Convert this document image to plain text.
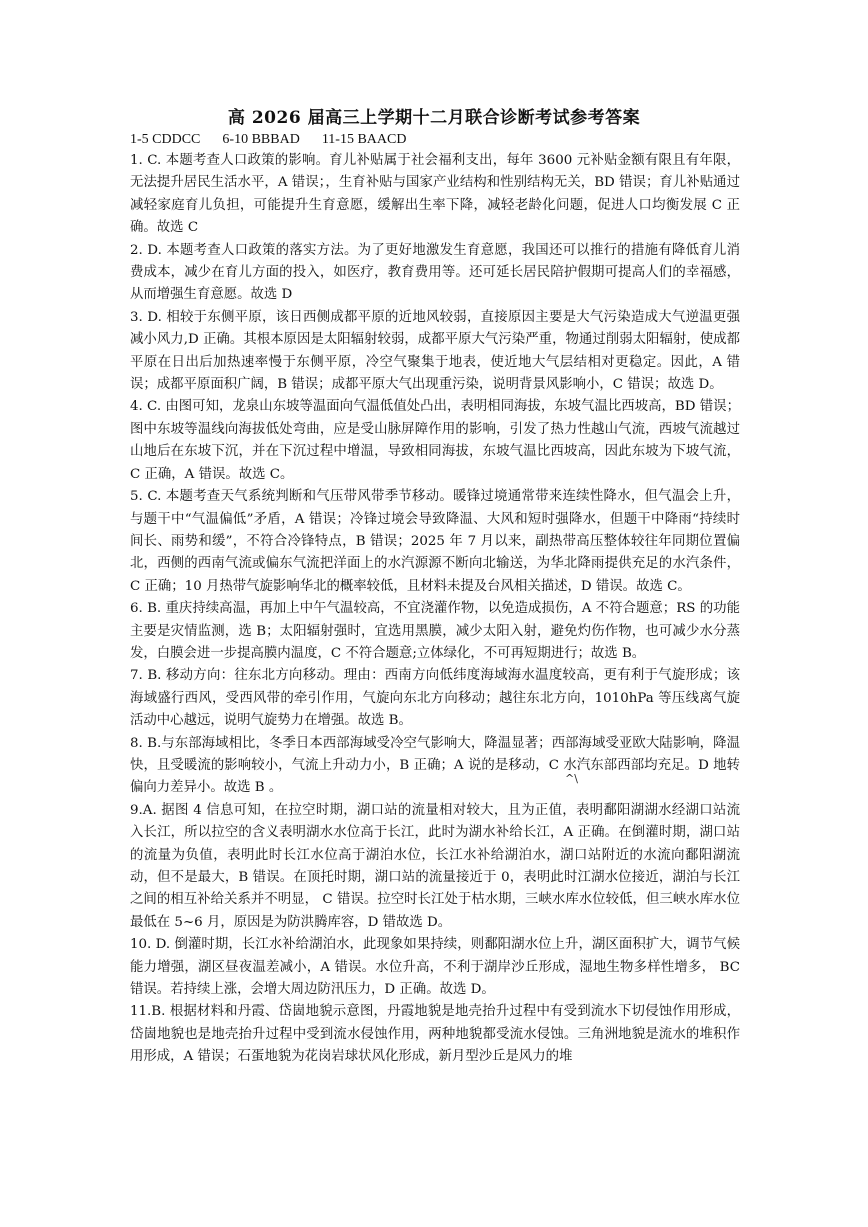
高 2026 届高三上学期十二月联合诊断考试参考答案
1-5 CDDCC 6-10 BBBAD 11-15 BAACD

1. C. 本题考查人口政策的影响。育儿补贴属于社会福利支出，每年 3600 元补贴金额有限且有年限，无法提升居民生活水平，A 错误；，生育补贴与国家产业结构和性别结构无关，BD 错误；育儿补贴通过减轻家庭育儿负担，可能提升生育意愿，缓解出生率下降，减轻老龄化问题，促进人口均衡发展 C 正确。故选 C

2. D. 本题考查人口政策的落实方法。为了更好地激发生育意愿，我国还可以推行的措施有降低育儿消费成本，减少在育儿方面的投入，如医疗，教育费用等。还可延长居民陪护假期可提高人们的幸福感，从而增强生育意愿。故选 D

3. D. 相较于东侧平原，该日西侧成都平原的近地风较弱，直接原因主要是大气污染造成大气逆温更强减小风力,D 正确。其根本原因是太阳辐射较弱，成都平原大气污染严重，物通过削弱太阳辐射，使成都平原在日出后加热速率慢于东侧平原，冷空气聚集于地表，使近地大气层结相对更稳定。因此，A 错误；成都平原面积广阔，B 错误；成都平原大气出现重污染，说明背景风影响小，C 错误；故选 D。

4. C. 由图可知，龙泉山东坡等温面向气温低值处凸出，表明相同海拔，东坡气温比西坡高，BD 错误；图中东坡等温线向海拔低处弯曲，应是受山脉屏障作用的影响，引发了热力性越山气流，西坡气流越过山地后在东坡下沉，并在下沉过程中增温，导致相同海拔，东坡气温比西坡高，因此东坡为下坡气流，C 正确，A 错误。故选 C。

5. C. 本题考查天气系统判断和气压带风带季节移动。暖锋过境通常带来连续性降水，但气温会上升，与题干中“气温偏低”矛盾，A 错误；冷锋过境会导致降温、大风和短时强降水，但题干中降雨“持续时间长、雨势和缓”，不符合冷锋特点，B 错误；2025 年 7 月以来，副热带高压整体较往年同期位置偏北，西侧的西南气流或偏东气流把洋面上的水汽源源不断向北输送，为华北降雨提供充足的水汽条件，C 正确；10 月热带气旋影响华北的概率较低，且材料未提及台风相关描述，D 错误。故选 C。

6. B. 重庆持续高温，再加上中午气温较高，不宜浇灌作物，以免造成损伤，A 不符合题意；RS 的功能主要是灾情监测，选 B；太阳辐射强时，宜选用黑膜，减少太阳入射，避免灼伤作物，也可减少水分蒸发，白膜会进一步提高膜内温度，C 不符合题意;立体绿化，不可再短期进行；故选 B。

7. B. 移动方向：往东北方向移动。理由：西南方向低纬度海域海水温度较高，更有利于气旋形成；该海域盛行西风，受西风带的牵引作用，气旋向东北方向移动；越往东北方向，1010hPa 等压线离气旋活动中心越远，说明气旋势力在增强。故选 B。

8. B.与东部海域相比，冬季日本西部海域受冷空气影响大，降温显著；西部海域受亚欧大陆影响，降温快，且受暖流的影响较小，气流上升动力小，B 正确；A 说的是移动，C 水汽东部西部均充足。D 地转偏向力差异小。故选 B 。

9.A. 据图 4 信息可知，在拉空时期，湖口站的流量相对较大，且为正值，表明鄱阳湖湖水经湖口站流入长江，所以拉空的含义表明湖水水位高于长江，此时为湖水补给长江，A 正确。在倒灌时期，湖口站的流量为负值，表明此时长江水位高于湖泊水位，长江水补给湖泊水，湖口站附近的水流向鄱阳湖流动，但不是最大，B 错误。在顶托时期，湖口站的流量接近于 0，表明此时江湖水位接近，湖泊与长江之间的相互补给关系并不明显， C 错误。拉空时长江处于枯水期，三峡水库水位较低，但三峡水库水位最低在 5~6 月，原因是为防洪腾库容，D 错故选 D。

10. D. 倒灌时期，长江水补给湖泊水，此现象如果持续，则鄱阳湖水位上升，湖区面积扩大，调节气候能力增强，湖区昼夜温差减小，A 错误。水位升高，不利于湖岸沙丘形成，湿地生物多样性增多， BC 错误。若持续上涨，会增大周边防汛压力，D 正确。故选 D。

11.B. 根据材料和丹霞、岱崮地貌示意图，丹霞地貌是地壳抬升过程中有受到流水下切侵蚀作用形成，岱崮地貌也是地壳抬升过程中受到流水侵蚀作用，两种地貌都受流水侵蚀。三角洲地貌是流水的堆积作用形成，A 错误；石蛋地貌为花岗岩球状风化形成，新月型沙丘是风力的堆

^\
